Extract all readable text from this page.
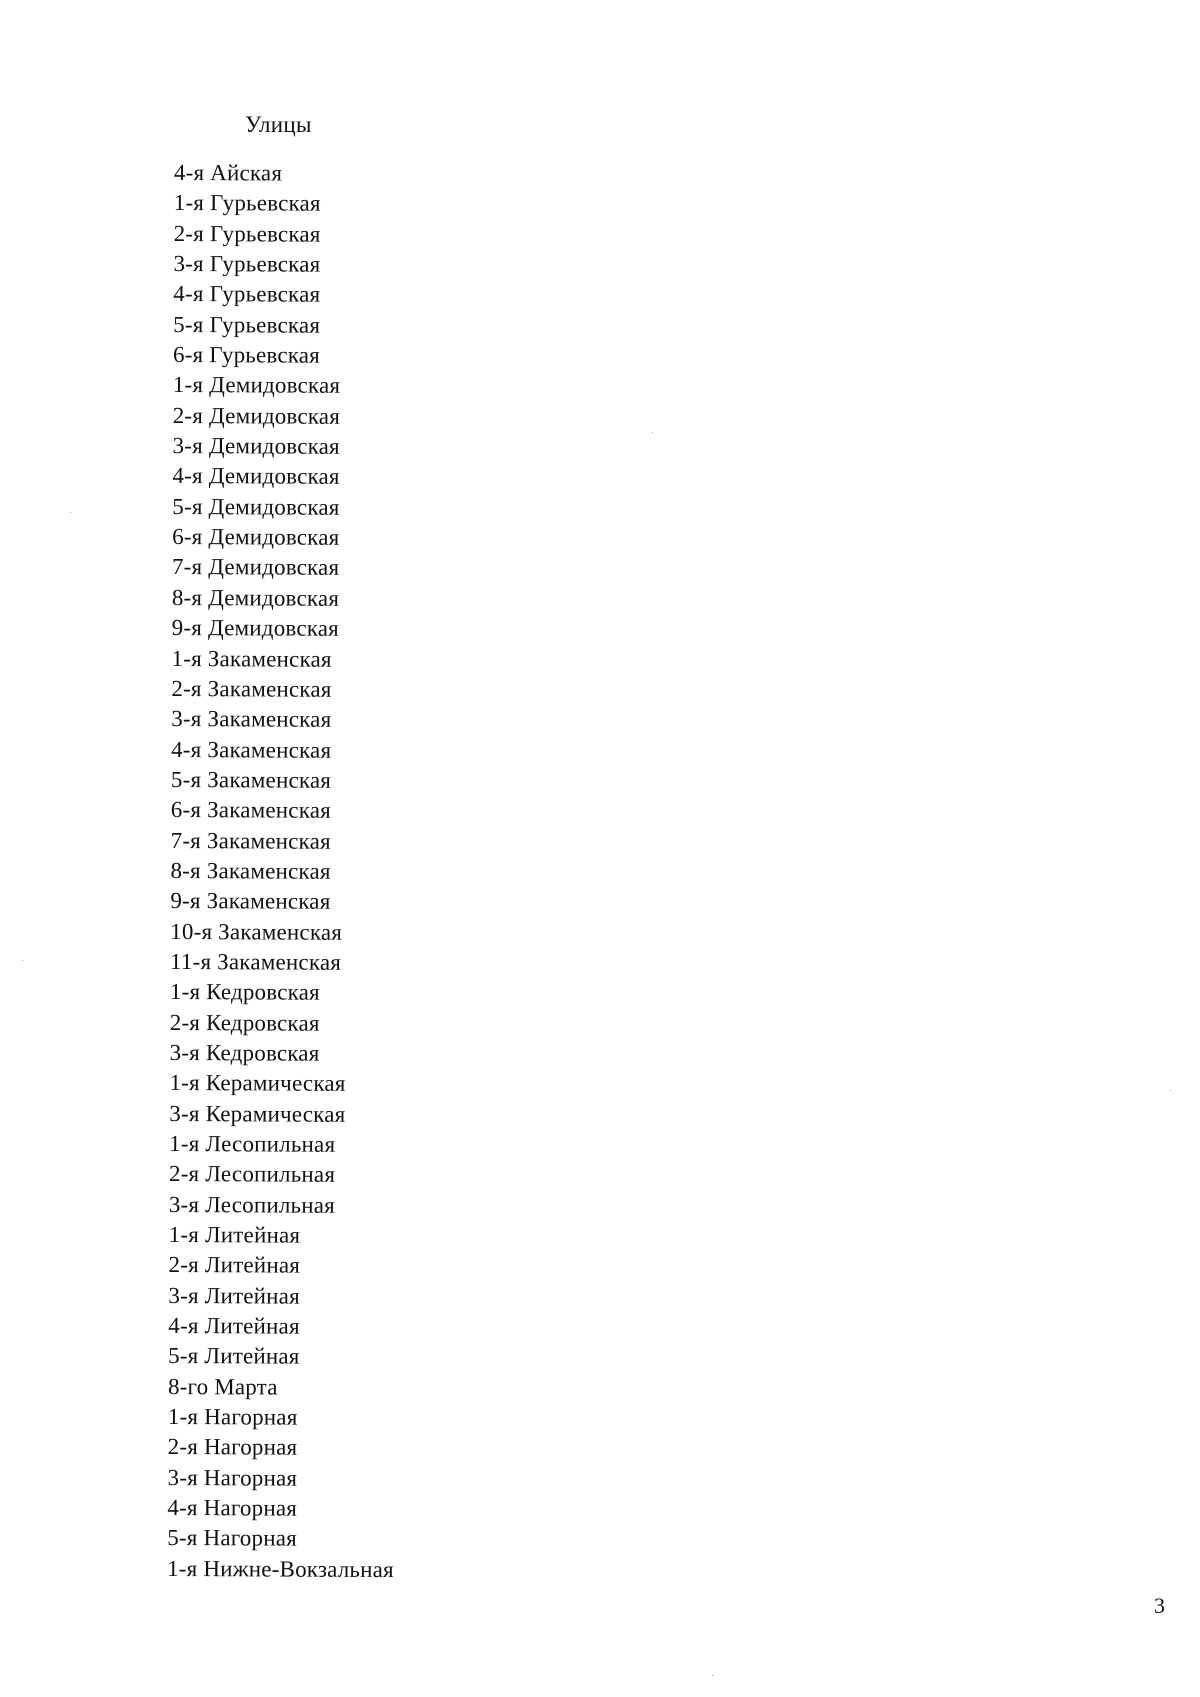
Улицы
4-я Айская
1-я Гурьевская
2-я Гурьевская
3-я Гурьевская
4-я Гурьевская
5-я Гурьевская
6-я Гурьевская
1-я Демидовская
2-я Демидовская
3-я Демидовская
4-я Демидовская
5-я Демидовская
6-я Демидовская
7-я Демидовская
8-я Демидовская
9-я Демидовская
1-я Закаменская
2-я Закаменская
3-я Закаменская
4-я Закаменская
5-я Закаменская
6-я Закаменская
7-я Закаменская
8-я Закаменская
9-я Закаменская
10-я Закаменская
11-я Закаменская
1-я Кедровская
2-я Кедровская
3-я Кедровская
1-я Керамическая
3-я Керамическая
1-я Лесопильная
2-я Лесопильная
3-я Лесопильная
1-я Литейная
2-я Литейная
3-я Литейная
4-я Литейная
5-я Литейная
8-го Марта
1-я Нагорная
2-я Нагорная
3-я Нагорная
4-я Нагорная
5-я Нагорная
1-я Нижне-Вокзальная
3
